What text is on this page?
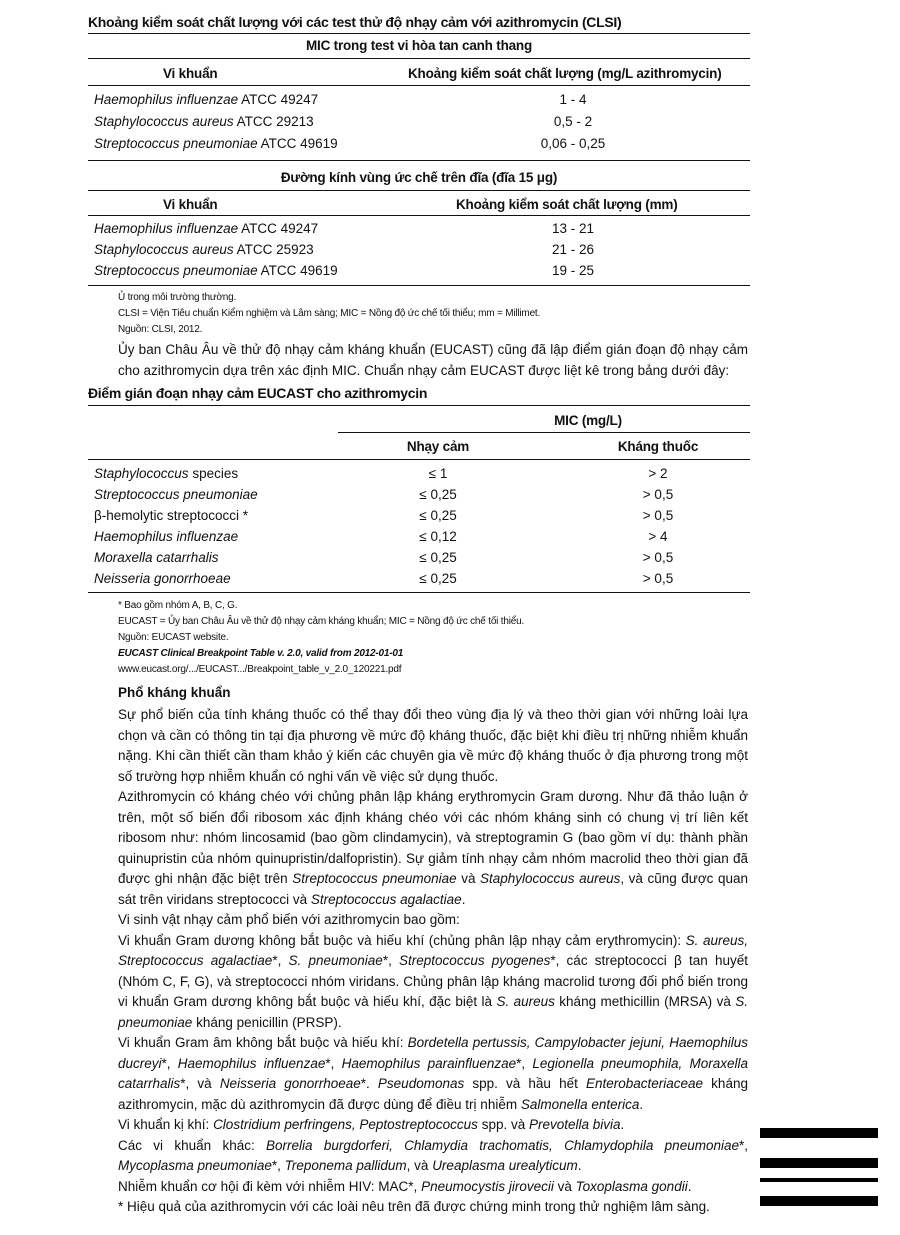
Khoảng kiểm soát chất lượng với các test thử độ nhạy cảm với azithromycin (CLSI)
MIC trong test vi hòa tan canh thang
Vi khuẩn	Khoảng kiểm soát chất lượng (mg/L azithromycin)
Haemophilus influenzae ATCC 49247	1 - 4
Staphylococcus aureus ATCC 29213	0,5 - 2
Streptococcus pneumoniae ATCC 49619	0,06 - 0,25
Đường kính vùng ức chế trên đĩa (đĩa 15 μg)
Vi khuẩn	Khoảng kiểm soát chất lượng (mm)
Haemophilus influenzae ATCC 49247	13 - 21
Staphylococcus aureus ATCC 25923	21 - 26
Streptococcus pneumoniae ATCC 49619	19 - 25
Ủ trong môi trường thường.
CLSI = Viện Tiêu chuẩn Kiểm nghiệm và Lâm sàng; MIC = Nồng độ ức chế tối thiểu; mm = Millimet.
Nguồn: CLSI, 2012.
Ủy ban Châu Âu về thử độ nhạy cảm kháng khuẩn (EUCAST) cũng đã lập điểm gián đoạn độ nhạy cảm cho azithromycin dựa trên xác định MIC. Chuẩn nhạy cảm EUCAST được liệt kê trong bảng dưới đây:
Điểm gián đoạn nhạy cảm EUCAST cho azithromycin
MIC (mg/L)
Nhạy cảm	Kháng thuốc
Staphylococcus species	≤ 1	> 2
Streptococcus pneumoniae	≤ 0,25	> 0,5
β-hemolytic streptococci *	≤ 0,25	> 0,5
Haemophilus influenzae	≤ 0,12	> 4
Moraxella catarrhalis	≤ 0,25	> 0,5
Neisseria gonorrhoeae	≤ 0,25	> 0,5
* Bao gồm nhóm A, B, C, G.
EUCAST = Ủy ban Châu Âu về thử độ nhạy cảm kháng khuẩn; MIC = Nồng độ ức chế tối thiểu.
Nguồn: EUCAST website.
EUCAST Clinical Breakpoint Table v. 2.0, valid from 2012-01-01
www.eucast.org/.../EUCAST.../Breakpoint_table_v_2.0_120221.pdf
Phổ kháng khuẩn

Sự phổ biến của tính kháng thuốc có thể thay đổi theo vùng địa lý và theo thời gian với những loài lựa chọn và cần có thông tin tại địa phương về mức độ kháng thuốc, đặc biệt khi điều trị những nhiễm khuẩn nặng. Khi cần thiết cần tham khảo ý kiến các chuyên gia về mức độ kháng thuốc ở địa phương trong một số trường hợp nhiễm khuẩn có nghi vấn về việc sử dụng thuốc.

Azithromycin có kháng chéo với chủng phân lập kháng erythromycin Gram dương. Như đã thảo luận ở trên, một số biến đổi ribosom xác định kháng chéo với các nhóm kháng sinh có chung vị trí liên kết ribosom như: nhóm lincosamid (bao gồm clindamycin), và streptogramin G (bao gồm ví dụ: thành phần quinupristin của nhóm quinupristin/dalfopristin). Sự giảm tính nhạy cảm nhóm macrolid theo thời gian đã được ghi nhận đặc biệt trên Streptococcus pneumoniae và Staphylococcus aureus, và cũng được quan sát trên viridans streptococci và Streptococcus agalactiae.

Vi sinh vật nhạy cảm phổ biến với azithromycin bao gồm:

Vi khuẩn Gram dương không bắt buộc và hiếu khí (chủng phân lập nhạy cảm erythromycin): S. aureus, Streptococcus agalactiae*, S. pneumoniae*, Streptococcus pyogenes*, các streptococci β tan huyết (Nhóm C, F, G), và streptococci nhóm viridans. Chủng phân lập kháng macrolid tương đối phổ biến trong vi khuẩn Gram dương không bắt buộc và hiếu khí, đặc biệt là S. aureus kháng methicillin (MRSA) và S. pneumoniae kháng penicillin (PRSP).

Vi khuẩn Gram âm không bắt buộc và hiếu khí: Bordetella pertussis, Campylobacter jejuni, Haemophilus ducreyi*, Haemophilus influenzae*, Haemophilus parainfluenzae*, Legionella pneumophila, Moraxella catarrhalis*, và Neisseria gonorrhoeae*. Pseudomonas spp. và hầu hết Enterobacteriaceae kháng azithromycin, mặc dù azithromycin đã được dùng để điều trị nhiễm Salmonella enterica.

Vi khuẩn kị khí: Clostridium perfringens, Peptostreptococcus spp. và Prevotella bivia.

Các vi khuẩn khác: Borrelia burgdorferi, Chlamydia trachomatis, Chlamydophila pneumoniae*, Mycoplasma pneumoniae*, Treponema pallidum, và Ureaplasma urealyticum.

Nhiễm khuẩn cơ hội đi kèm với nhiễm HIV: MAC*, Pneumocystis jirovecii và Toxoplasma gondii.

* Hiệu quả của azithromycin với các loài nêu trên đã được chứng minh trong thử nghiệm lâm sàng.
